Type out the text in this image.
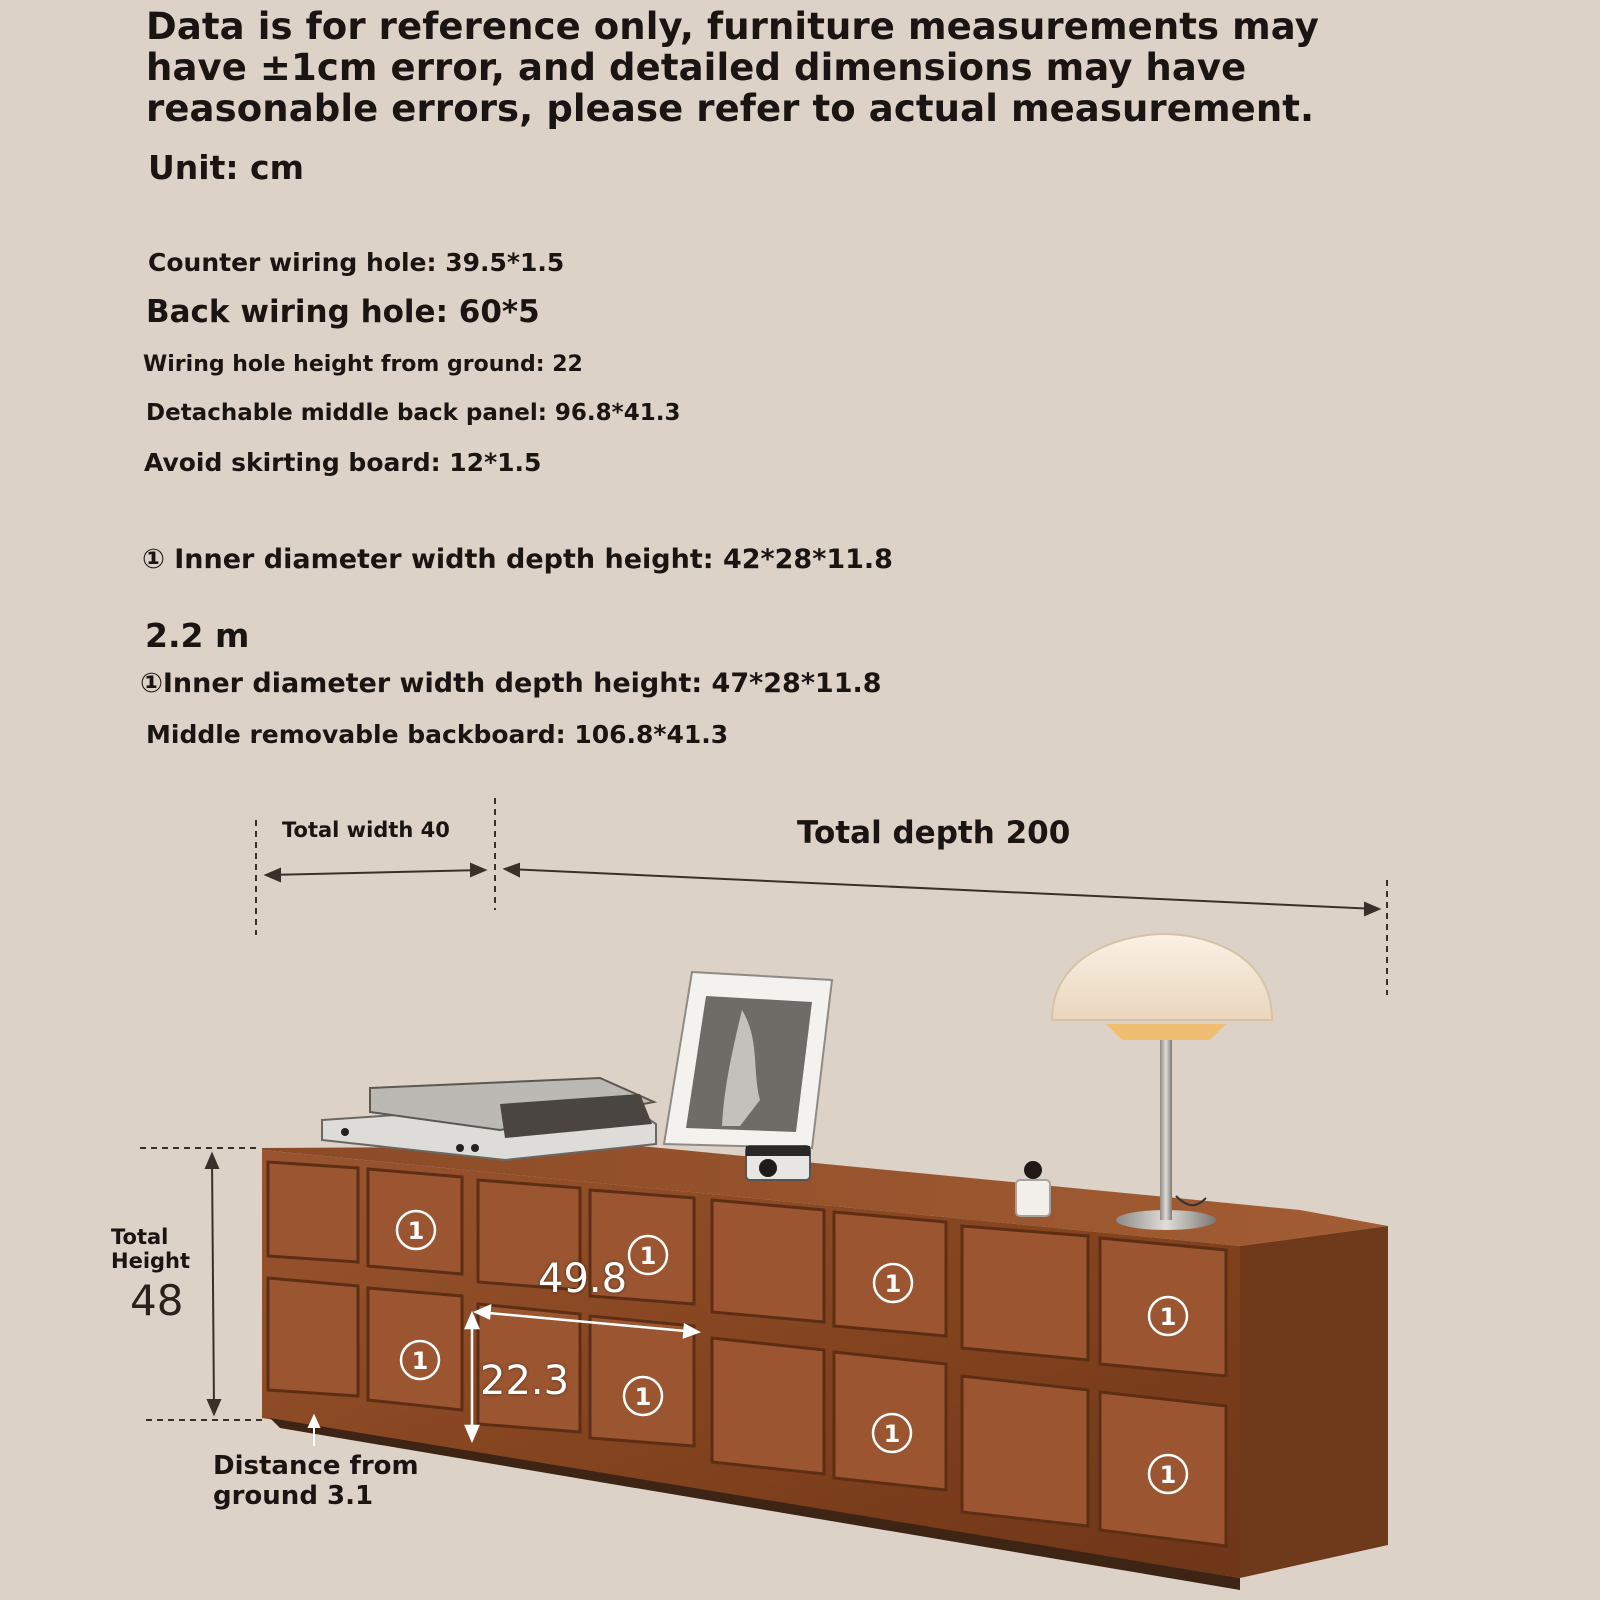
1
1
1
1
1
1
1
1
Data is for reference only, furniture measurements may have ±1cm error, and detailed dimensions may have reasonable errors, please refer to actual measurement.
Unit: cm
Counter wiring hole: 39.5*1.5
Back wiring hole: 60*5
Wiring hole height from ground: 22
Detachable middle back panel: 96.8*41.3
Avoid skirting board: 12*1.5
① Inner diameter width depth height: 42*28*11.8
2.2 m
①Inner diameter width depth height: 47*28*11.8
Middle removable backboard: 106.8*41.3
Total width 40	Total depth 200
Total
Height
48	49.8
22.3
Distance from ground 3.1
